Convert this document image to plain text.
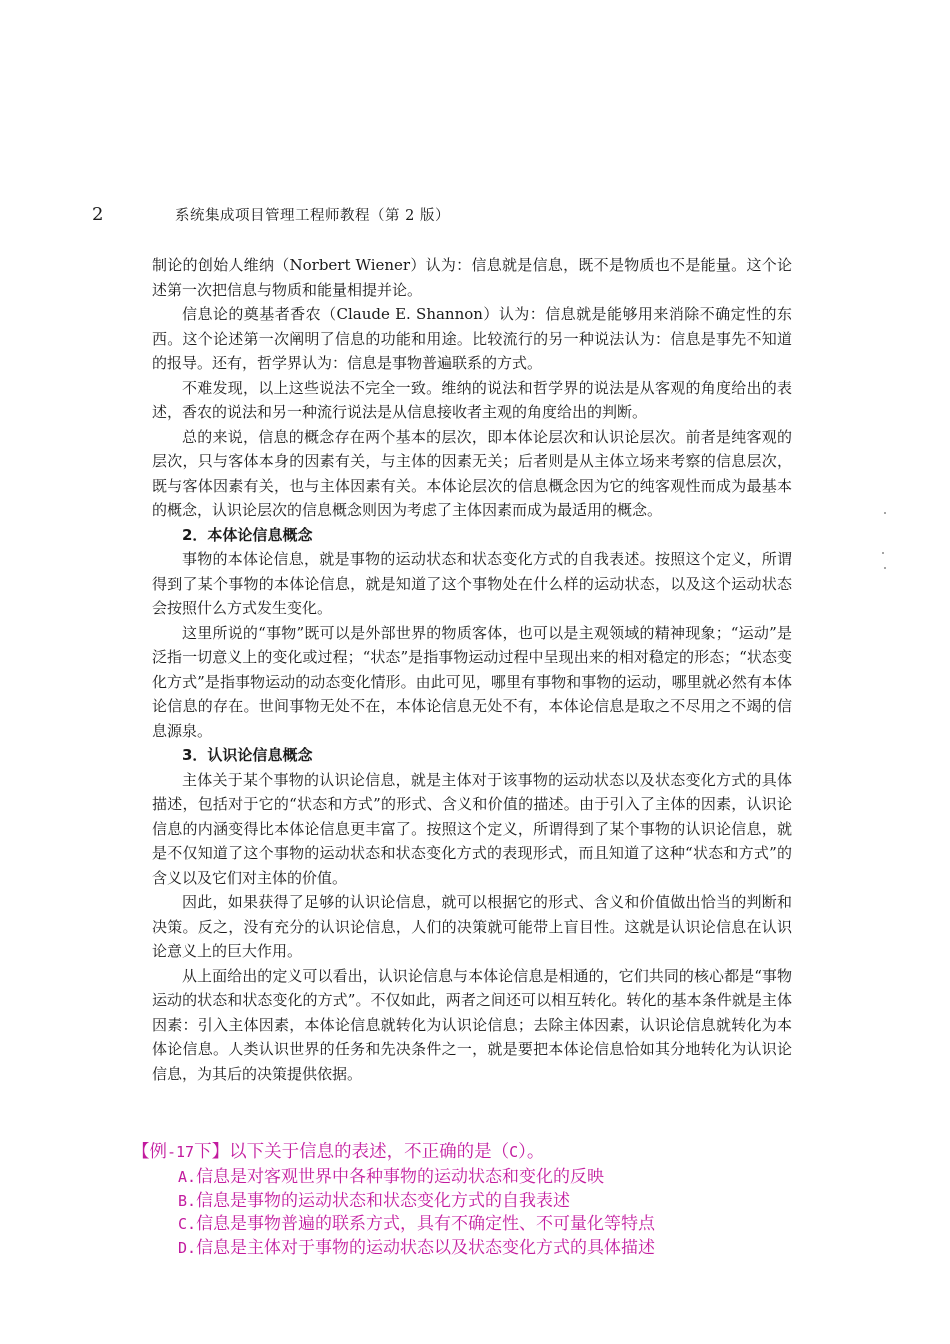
2	系统集成项目管理工程师教程（第 2 版）

制论的创始人维纳（Norbert Wiener）认为：信息就是信息，既不是物质也不是能量。这个论述第一次把信息与物质和能量相提并论。

信息论的奠基者香农（Claude E. Shannon）认为：信息就是能够用来消除不确定性的东西。这个论述第一次阐明了信息的功能和用途。比较流行的另一种说法认为：信息是事先不知道的报导。还有，哲学界认为：信息是事物普遍联系的方式。

不难发现，以上这些说法不完全一致。维纳的说法和哲学界的说法是从客观的角度给出的表述，香农的说法和另一种流行说法是从信息接收者主观的角度给出的判断。

总的来说，信息的概念存在两个基本的层次，即本体论层次和认识论层次。前者是纯客观的层次，只与客体本身的因素有关，与主体的因素无关；后者则是从主体立场来考察的信息层次，既与客体因素有关，也与主体因素有关。本体论层次的信息概念因为它的纯客观性而成为最基本的概念，认识论层次的信息概念则因为考虑了主体因素而成为最适用的概念。

2．本体论信息概念

事物的本体论信息，就是事物的运动状态和状态变化方式的自我表述。按照这个定义，所谓得到了某个事物的本体论信息，就是知道了这个事物处在什么样的运动状态，以及这个运动状态会按照什么方式发生变化。

这里所说的“事物”既可以是外部世界的物质客体，也可以是主观领域的精神现象；“运动”是泛指一切意义上的变化或过程；“状态”是指事物运动过程中呈现出来的相对稳定的形态；“状态变化方式”是指事物运动的动态变化情形。由此可见，哪里有事物和事物的运动，哪里就必然有本体论信息的存在。世间事物无处不在，本体论信息无处不有，本体论信息是取之不尽用之不竭的信息源泉。

3．认识论信息概念

主体关于某个事物的认识论信息，就是主体对于该事物的运动状态以及状态变化方式的具体描述，包括对于它的“状态和方式”的形式、含义和价值的描述。由于引入了主体的因素，认识论信息的内涵变得比本体论信息更丰富了。按照这个定义，所谓得到了某个事物的认识论信息，就是不仅知道了这个事物的运动状态和状态变化方式的表现形式，而且知道了这种“状态和方式”的含义以及它们对主体的价值。

因此，如果获得了足够的认识论信息，就可以根据它的形式、含义和价值做出恰当的判断和决策。反之，没有充分的认识论信息，人们的决策就可能带上盲目性。这就是认识论信息在认识论意义上的巨大作用。

从上面给出的定义可以看出，认识论信息与本体论信息是相通的，它们共同的核心都是“事物运动的状态和状态变化的方式”。不仅如此，两者之间还可以相互转化。转化的基本条件就是主体因素：引入主体因素，本体论信息就转化为认识论信息；去除主体因素，认识论信息就转化为本体论信息。人类认识世界的任务和先决条件之一，就是要把本体论信息恰如其分地转化为认识论信息，为其后的决策提供依据。

【例-17下】以下关于信息的表述，不正确的是（C）。
A.信息是对客观世界中各种事物的运动状态和变化的反映
B.信息是事物的运动状态和状态变化方式的自我表述
C.信息是事物普遍的联系方式，具有不确定性、不可量化等特点
D.信息是主体对于事物的运动状态以及状态变化方式的具体描述
